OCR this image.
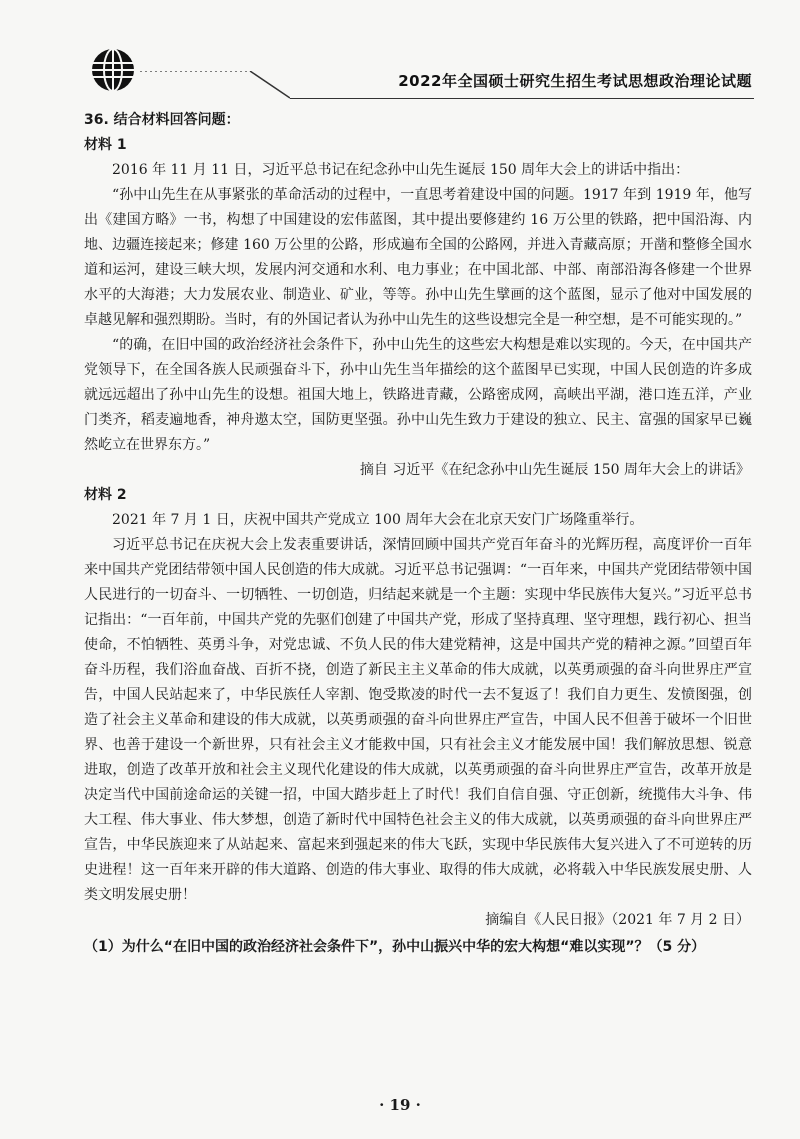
2022年全国硕士研究生招生考试思想政治理论试题
36. 结合材料回答问题：
材料 1

2016 年 11 月 11 日，习近平总书记在纪念孙中山先生诞辰 150 周年大会上的讲话中指出：

“孙中山先生在从事紧张的革命活动的过程中，一直思考着建设中国的问题。1917 年到 1919 年，他写出《建国方略》一书，构想了中国建设的宏伟蓝图，其中提出要修建约 16 万公里的铁路，把中国沿海、内地、边疆连接起来；修建 160 万公里的公路，形成遍布全国的公路网，并进入青藏高原；开凿和整修全国水道和运河，建设三峡大坝，发展内河交通和水利、电力事业；在中国北部、中部、南部沿海各修建一个世界水平的大海港；大力发展农业、制造业、矿业，等等。孙中山先生擘画的这个蓝图，显示了他对中国发展的卓越见解和强烈期盼。当时，有的外国记者认为孙中山先生的这些设想完全是一种空想，是不可能实现的。”

“的确，在旧中国的政治经济社会条件下，孙中山先生的这些宏大构想是难以实现的。今天，在中国共产党领导下，在全国各族人民顽强奋斗下，孙中山先生当年描绘的这个蓝图早已实现，中国人民创造的许多成就远远超出了孙中山先生的设想。祖国大地上，铁路进青藏，公路密成网，高峡出平湖，港口连五洋，产业门类齐，稻麦遍地香，神舟遨太空，国防更坚强。孙中山先生致力于建设的独立、民主、富强的国家早已巍然屹立在世界东方。”

摘自 习近平《在纪念孙中山先生诞辰 150 周年大会上的讲话》

材料 2

2021 年 7 月 1 日，庆祝中国共产党成立 100 周年大会在北京天安门广场隆重举行。

习近平总书记在庆祝大会上发表重要讲话，深情回顾中国共产党百年奋斗的光辉历程，高度评价一百年来中国共产党团结带领中国人民创造的伟大成就。习近平总书记强调：“一百年来，中国共产党团结带领中国人民进行的一切奋斗、一切牺牲、一切创造，归结起来就是一个主题：实现中华民族伟大复兴。”习近平总书记指出：“一百年前，中国共产党的先驱们创建了中国共产党，形成了坚持真理、坚守理想，践行初心、担当使命，不怕牺牲、英勇斗争，对党忠诚、不负人民的伟大建党精神，这是中国共产党的精神之源。”回望百年奋斗历程，我们浴血奋战、百折不挠，创造了新民主主义革命的伟大成就，以英勇顽强的奋斗向世界庄严宣告，中国人民站起来了，中华民族任人宰割、饱受欺凌的时代一去不复返了！我们自力更生、发愤图强，创造了社会主义革命和建设的伟大成就，以英勇顽强的奋斗向世界庄严宣告，中国人民不但善于破坏一个旧世界、也善于建设一个新世界，只有社会主义才能救中国，只有社会主义才能发展中国！我们解放思想、锐意进取，创造了改革开放和社会主义现代化建设的伟大成就，以英勇顽强的奋斗向世界庄严宣告，改革开放是决定当代中国前途命运的关键一招，中国大踏步赶上了时代！我们自信自强、守正创新，统揽伟大斗争、伟大工程、伟大事业、伟大梦想，创造了新时代中国特色社会主义的伟大成就，以英勇顽强的奋斗向世界庄严宣告，中华民族迎来了从站起来、富起来到强起来的伟大飞跃，实现中华民族伟大复兴进入了不可逆转的历史进程！这一百年来开辟的伟大道路、创造的伟大事业、取得的伟大成就，必将载入中华民族发展史册、人类文明发展史册！

摘编自《人民日报》（2021 年 7 月 2 日）

（1）为什么“在旧中国的政治经济社会条件下”，孙中山振兴中华的宏大构想“难以实现”？（5 分）

· 19 ·
